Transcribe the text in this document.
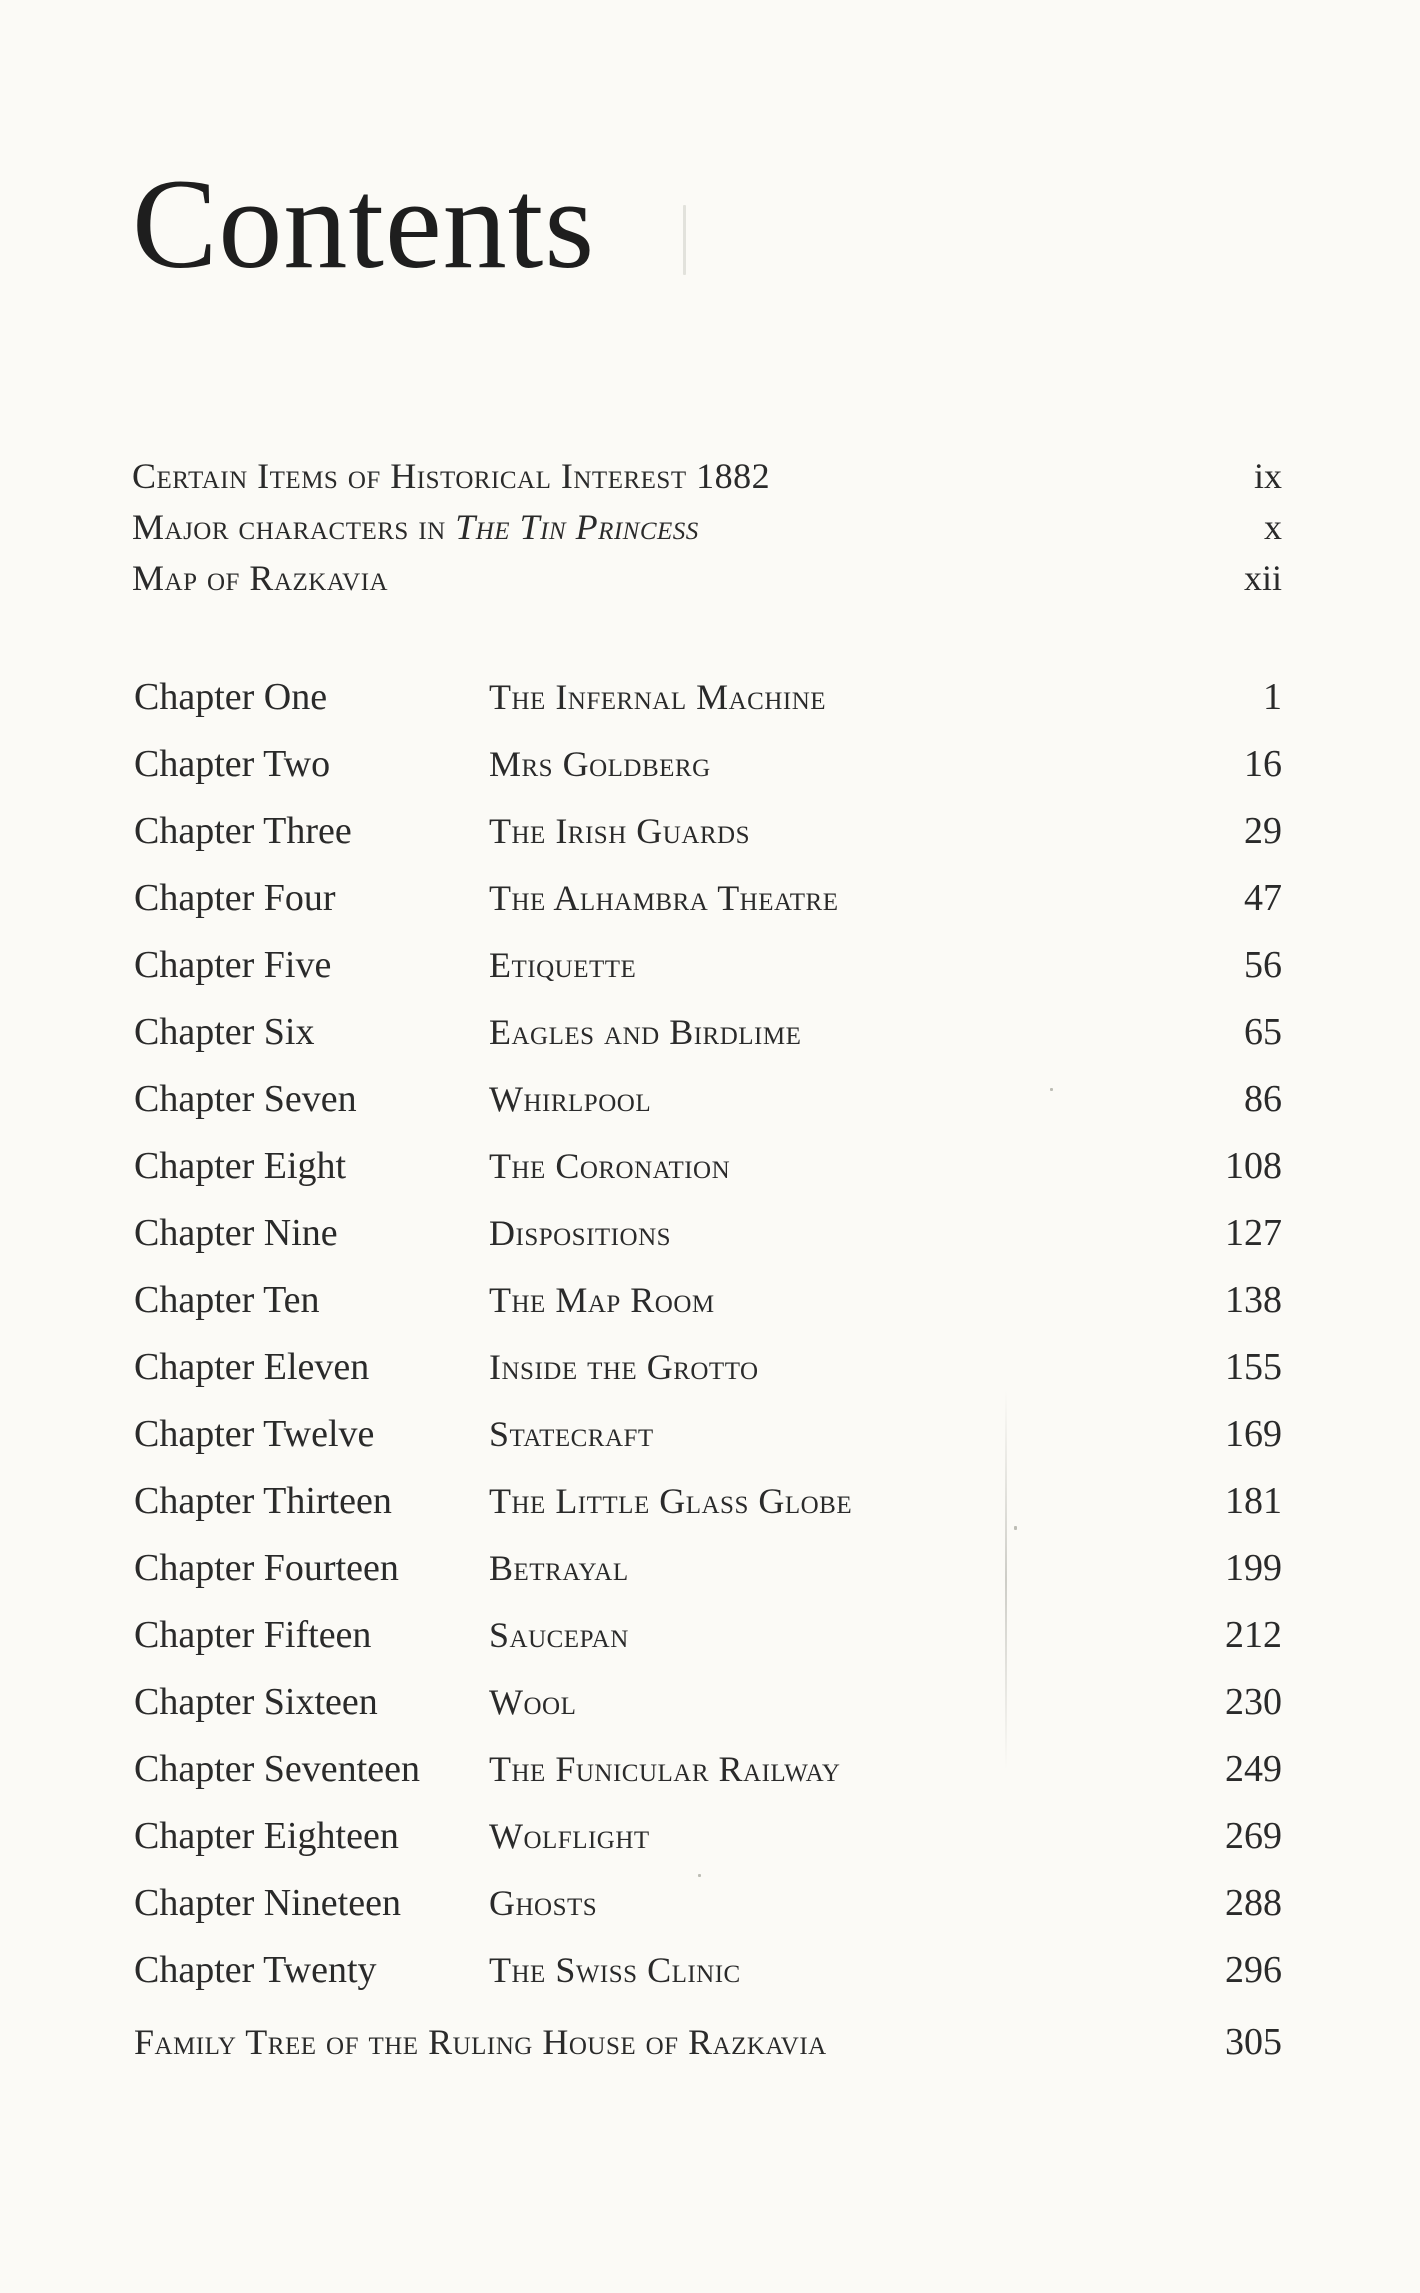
Contents
Certain Items of Historical Interest 1882	ix
Major characters in The Tin Princess	x
Map of Razkavia	xii
Chapter One	The Infernal Machine	1
Chapter Two	Mrs Goldberg	16
Chapter Three	The Irish Guards	29
Chapter Four	The Alhambra Theatre	47
Chapter Five	Etiquette	56
Chapter Six	Eagles and Birdlime	65
Chapter Seven	Whirlpool	86
Chapter Eight	The Coronation	108
Chapter Nine	Dispositions	127
Chapter Ten	The Map Room	138
Chapter Eleven	Inside the Grotto	155
Chapter Twelve	Statecraft	169
Chapter Thirteen	The Little Glass Globe	181
Chapter Fourteen	Betrayal	199
Chapter Fifteen	Saucepan	212
Chapter Sixteen	Wool	230
Chapter Seventeen	The Funicular Railway	249
Chapter Eighteen	Wolflight	269
Chapter Nineteen	Ghosts	288
Chapter Twenty	The Swiss Clinic	296
Family Tree of the Ruling House of Razkavia	305
